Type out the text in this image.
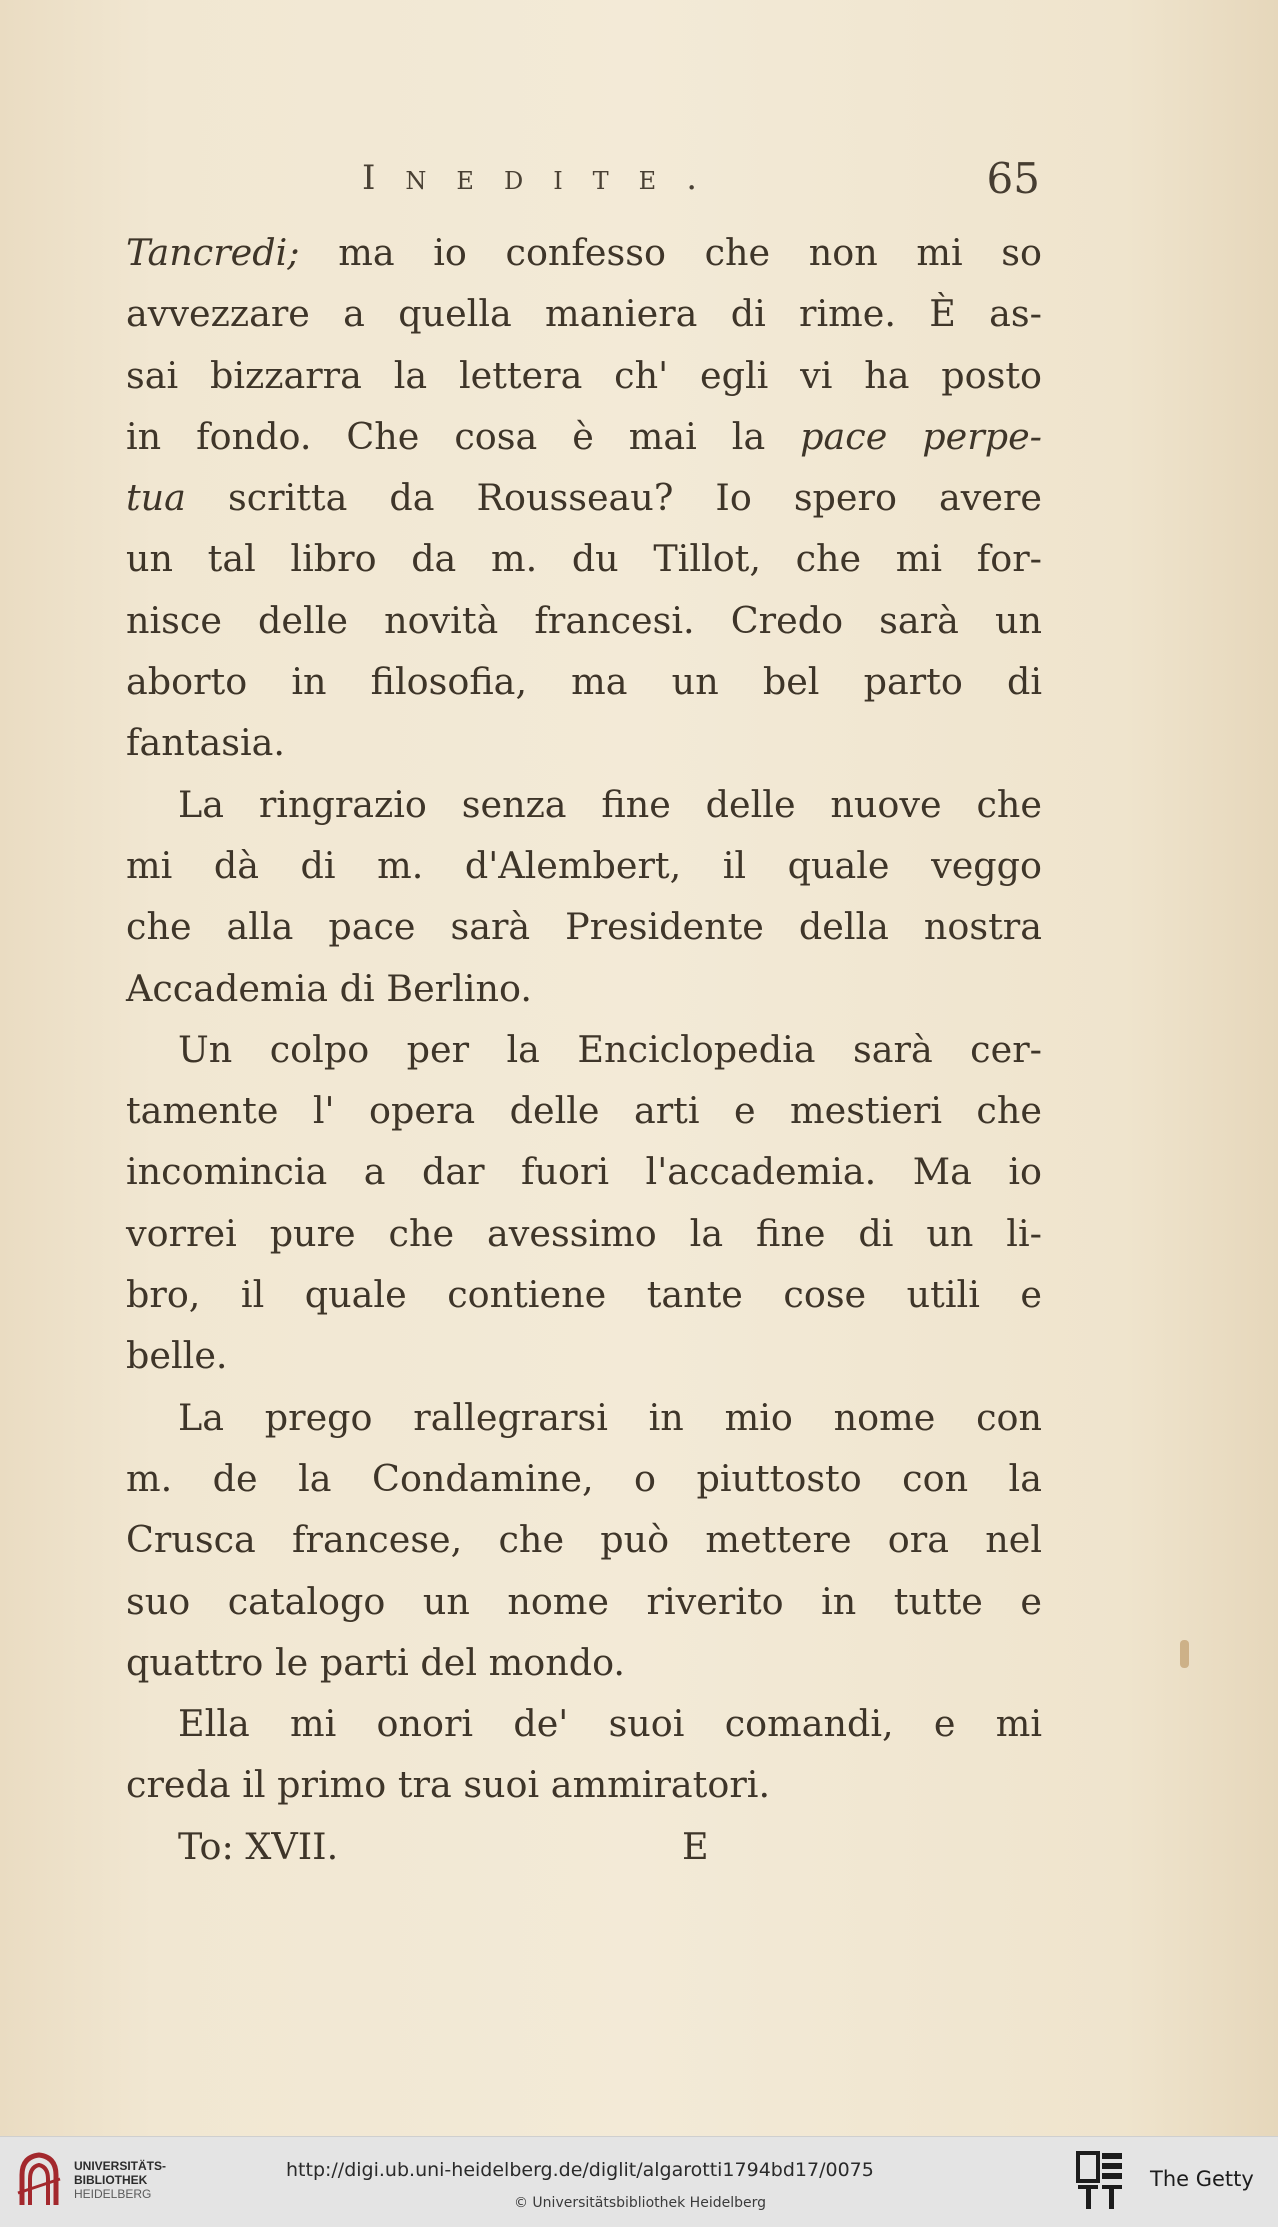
Inedite.	65
Tancredi; ma io confesso che non mi so
avvezzare a quella maniera di rime. È as-
sai bizzarra la lettera ch' egli vi ha posto
in fondo. Che cosa è mai la pace perpe-
tua scritta da Rousseau? Io spero avere
un tal libro da m. du Tillot, che mi for-
nisce delle novità francesi. Credo sarà un
aborto in filosofia, ma un bel parto di
fantasia.
La ringrazio senza fine delle nuove che
mi dà di m. d'Alembert, il quale veggo
che alla pace sarà Presidente della nostra
Accademia di Berlino.
Un colpo per la Enciclopedia sarà cer-
tamente l' opera delle arti e mestieri che
incomincia a dar fuori l'accademia. Ma io
vorrei pure che avessimo la fine di un li-
bro, il quale contiene tante cose utili e
belle.
La prego rallegrarsi in mio nome con
m. de la Condamine, o piuttosto con la
Crusca francese, che può mettere ora nel
suo catalogo un nome riverito in tutte e
quattro le parti del mondo.
Ella mi onori de' suoi comandi, e mi
creda il primo tra suoi ammiratori.
To: XVII.	E
UNIVERSITÄTS-
BIBLIOTHEK
HEIDELBERG
http://digi.ub.uni-heidelberg.de/diglit/algarotti1794bd17/0075
© Universitätsbibliothek Heidelberg
The Getty
